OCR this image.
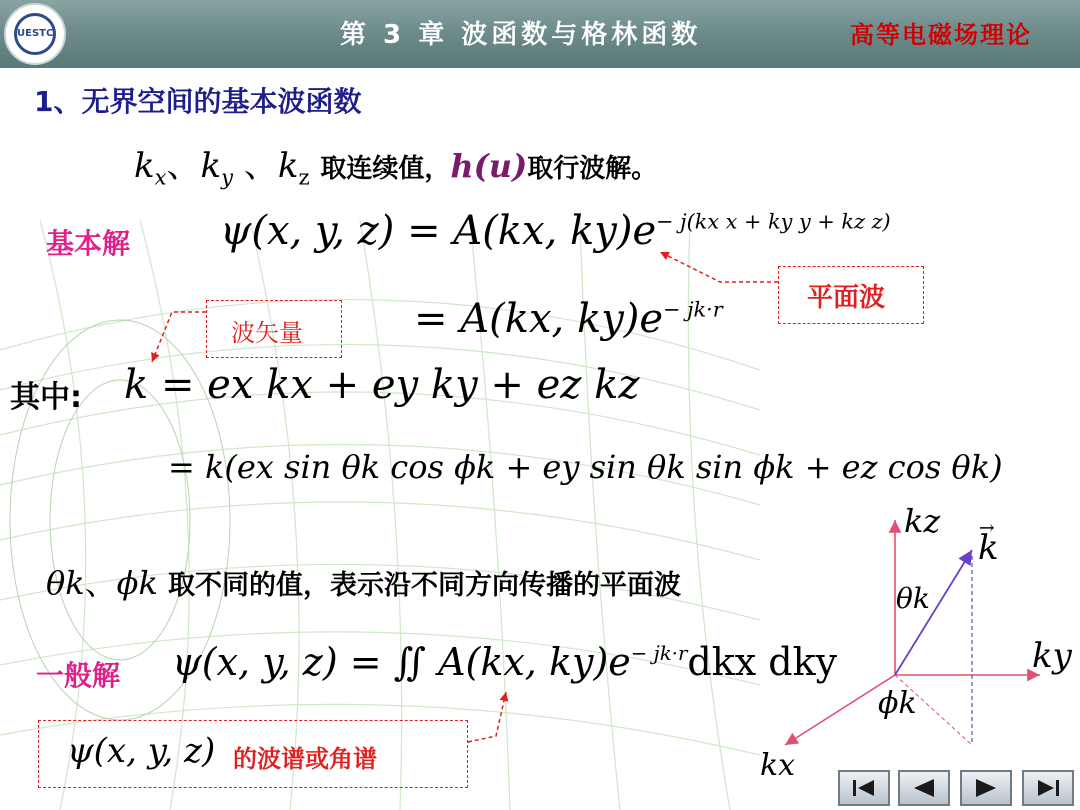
UESTC	第 3 章 波函数与格林函数	高等电磁场理论
1、无界空间的基本波函数
$k_x$、$k_y$ 、$k_z$ 取连续值，h(u)取行波解。
基本解 ψ(x, y, z) = A(kx, $ky)e^{- j(kx x + ky y + kz z)}$
= A(kx, $ky)e^{- jk\cdot r}$	平面波
波矢量
其中: k = ex kx + ey ky + ez kz
= k(ex sin θk cos ϕk + ey sin θk sin ϕk + ez cos θk)
θk、ϕk 取不同的值，表示沿不同方向传播的平面波
一般解 ψ(x, y, z) = ∬ A(kx, $ky)e^{- jk\cdot r}dkx$ dky
ψ(x, y, z) 的波谱或角谱
kz
→ k
θk
ky
ϕk
kx
